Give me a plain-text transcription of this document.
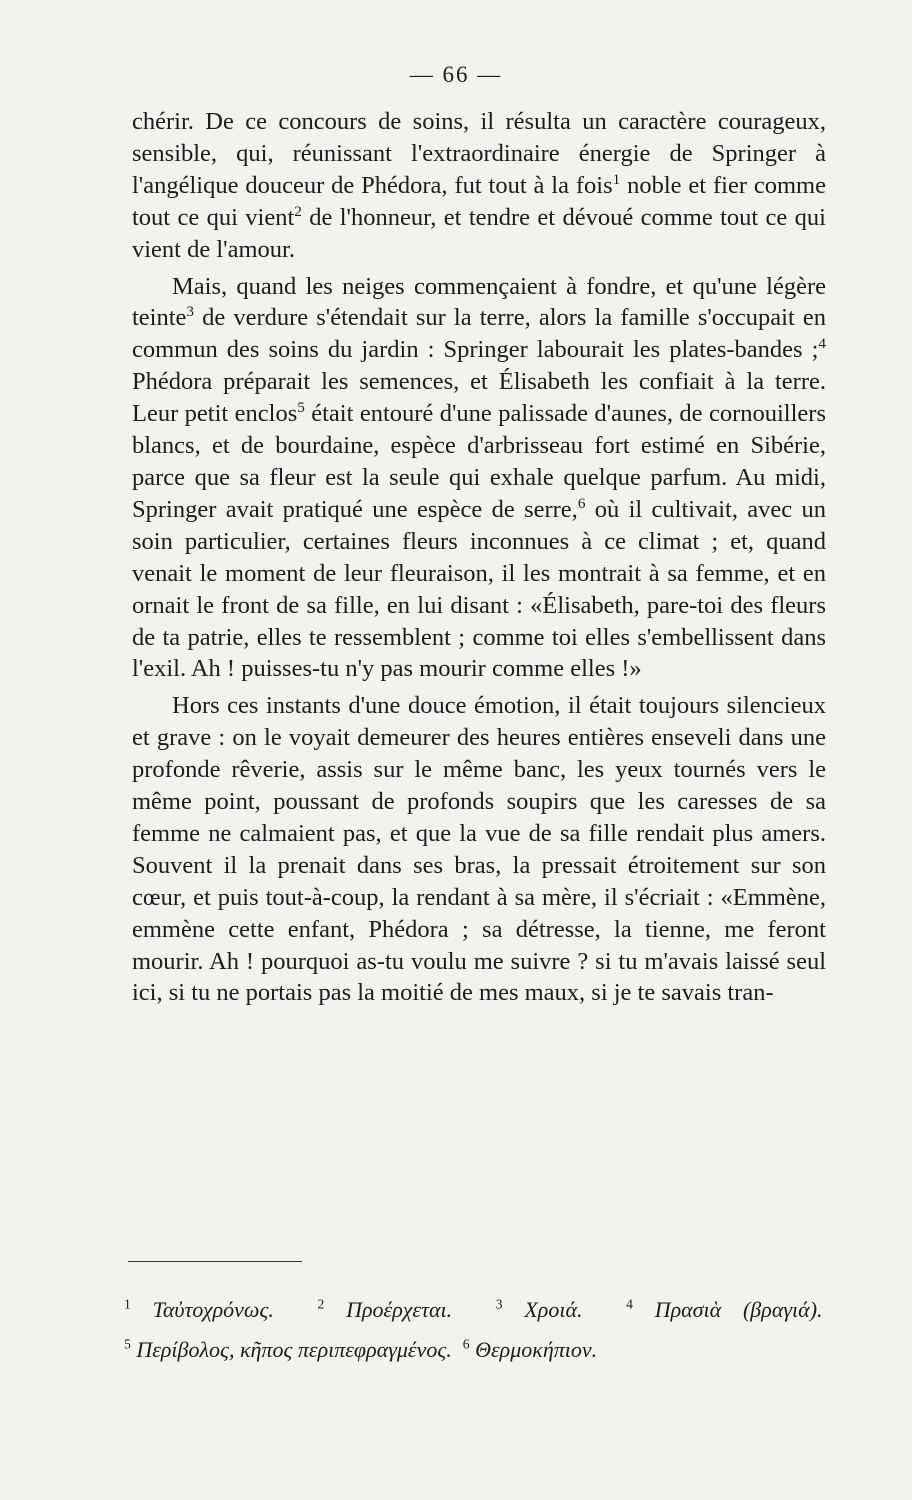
— 66 —

chérir. De ce concours de soins, il résulta un caractère courageux, sensible, qui, réunissant l'extraordinaire énergie de Springer à l'angélique douceur de Phédora, fut tout à la fois$^1$ noble et fier comme tout ce qui vient$^2$ de l'honneur, et tendre et dévoué comme tout ce qui vient de l'amour.

Mais, quand les neiges commençaient à fondre, et qu'une légère teinte$^3$ de verdure s'étendait sur la terre, alors la famille s'occupait en commun des soins du jardin : Springer labourait les plates-bandes ;$^4$ Phédora préparait les semences, et Élisabeth les confiait à la terre. Leur petit enclos$^5$ était entouré d'une palissade d'aunes, de cornouillers blancs, et de bourdaine, espèce d'arbrisseau fort estimé en Sibérie, parce que sa fleur est la seule qui exhale quelque parfum. Au midi, Springer avait pratiqué une espèce de serre,$^6$ où il cultivait, avec un soin particulier, certaines fleurs inconnues à ce climat ; et, quand venait le moment de leur fleuraison, il les montrait à sa femme, et en ornait le front de sa fille, en lui disant : «Élisabeth, pare-toi des fleurs de ta patrie, elles te ressemblent ; comme toi elles s'embellissent dans l'exil. Ah ! puisses-tu n'y pas mourir comme elles !»

Hors ces instants d'une douce émotion, il était toujours silencieux et grave : on le voyait demeurer des heures entières enseveli dans une profonde rêverie, assis sur le même banc, les yeux tournés vers le même point, poussant de profonds soupirs que les caresses de sa femme ne calmaient pas, et que la vue de sa fille rendait plus amers. Souvent il la prenait dans ses bras, la pressait étroitement sur son cœur, et puis tout-à-coup, la rendant à sa mère, il s'écriait : «Emmène, emmène cette enfant, Phédora ; sa détresse, la tienne, me feront mourir. Ah ! pourquoi as-tu voulu me suivre ? si tu m'avais laissé seul ici, si tu ne portais pas la moitié de mes maux, si je te savais tran-

$^1$ Ταὐτοχρόνως.	$^2$ Προέρχεται.	$^3$ Χροιά.	$^4$ Πρασιὰ (βραγιά).  $^5$ Περίβολος, κῆπος περιπεφραγμένος. $^6$ Θερμοκήπιον.
